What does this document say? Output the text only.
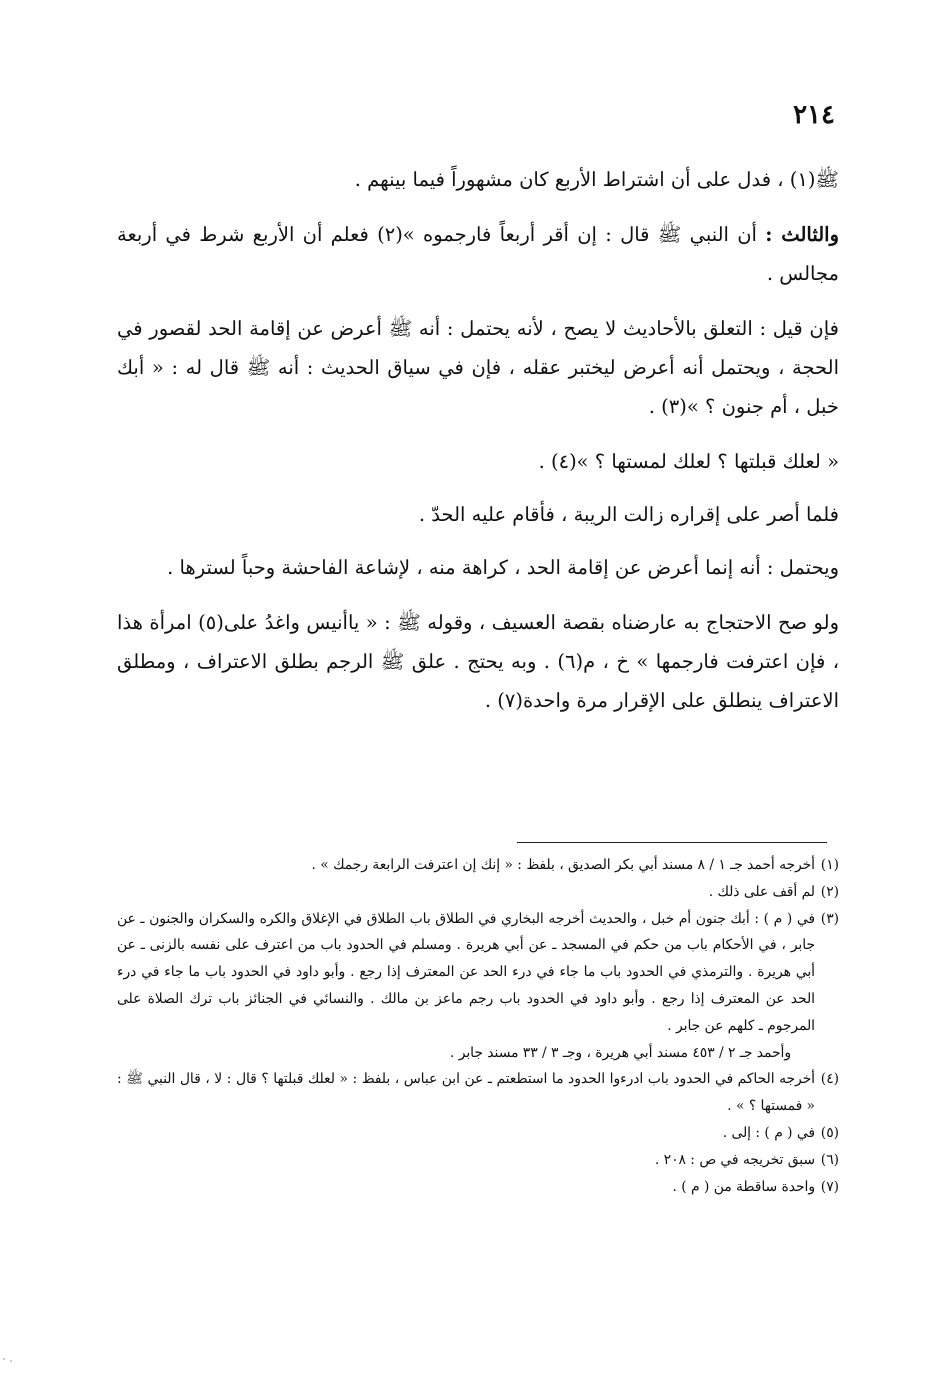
٢١٤

ﷺ(١) ، فدل على أن اشتراط الأربع كان مشهوراً فيما بينهم .

والثالث : أن النبي ﷺ قال : إن أقر أربعاً فارجموه »(٢) فعلم أن الأربع شرط في أربعة مجالس .

فإن قيل : التعلق بالأحاديث لا يصح ، لأنه يحتمل : أنه ﷺ أعرض عن إقامة الحد لقصور في الحجة ، ويحتمل أنه أعرض ليختبر عقله ، فإن في سياق الحديث : أنه ﷺ قال له : « أبك خبل ، أم جنون ؟ »(٣) .

« لعلك قبلتها ؟ لعلك لمستها ؟ »(٤) .

فلما أصر على إقراره زالت الريبة ، فأقام عليه الحدّ .

ويحتمل : أنه إنما أعرض عن إقامة الحد ، كراهة منه ، لإشاعة الفاحشة وحباً لسترها .

ولو صح الاحتجاج به عارضناه بقصة العسيف ، وقوله ﷺ : « ياأنيس واغدُ على(٥) امرأة هذا ، فإن اعترفت فارجمها » خ ، م(٦) . وبه يحتج . علق ﷺ الرجم بطلق الاعتراف ، ومطلق الاعتراف ينطلق على الإقرار مرة واحدة(٧) .

(١)
أخرجه أحمد جـ ١ / ٨ مسند أبي بكر الصديق ، بلفظ : « إنك إن اعترفت الرابعة رجمك » .
(٢)
لم أقف على ذلك .
(٣)
في ( م ) : أبك جنون أم خبل ، والحديث أخرجه البخاري في الطلاق باب الطلاق في الإغلاق والكره والسكران والجنون ـ عن جابر ، في الأحكام باب من حكم في المسجد ـ عن أبي هريرة . ومسلم في الحدود باب من اعترف على نفسه بالزنى ـ عن أبي هريرة . والترمذي في الحدود باب ما جاء في درء الحد عن المعترف إذا رجع . وأبو داود في الحدود باب ما جاء في درء الحد عن المعترف إذا رجع . وأبو داود في الحدود باب رجم ماعز بن مالك . والنسائي في الجنائز باب ترك الصلاة على المرجوم ـ كلهم عن جابر .
وأحمد جـ ٢ / ٤٥٣ مسند أبي هريرة ، وجـ ٣ / ٣٣ مسند جابر .
(٤)
أخرجه الحاكم في الحدود باب ادرءوا الحدود ما استطعتم ـ عن ابن عباس ، بلفظ : « لعلك قبلتها ؟ قال : لا ، قال النبي ﷺ : « فمستها ؟ » .
(٥)
في ( م ) : إلى .
(٦)
سبق تخريجه في ص : ٢٠٨ .
(٧)
واحدة ساقطة من ( م ) .
